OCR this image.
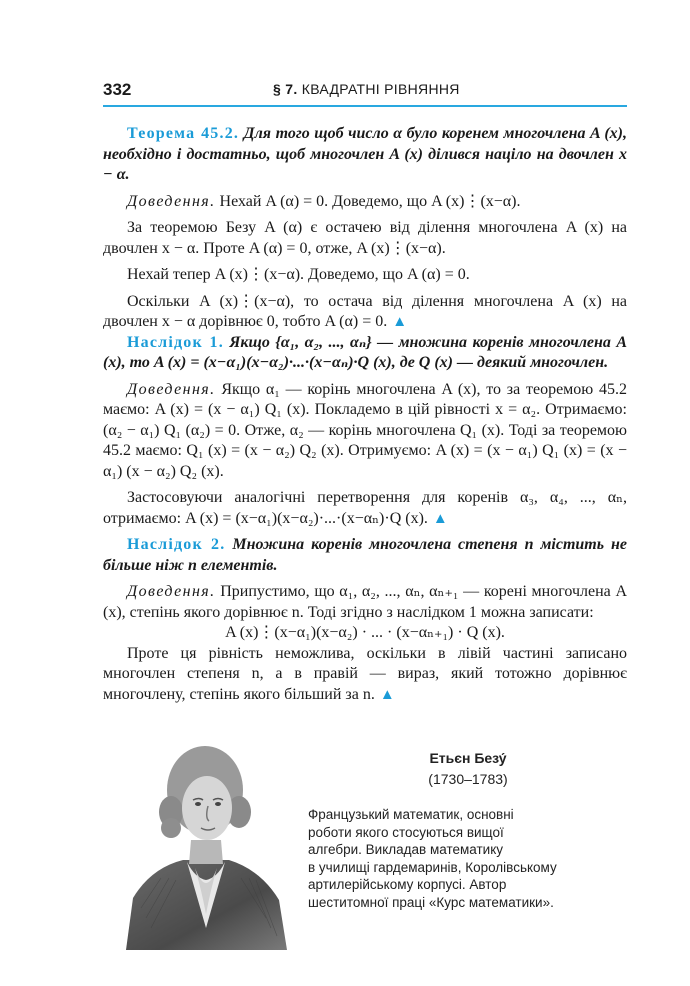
332	§ 7. КВАДРАТНІ РІВНЯННЯ

Теорема 45.2. Для того щоб число α було коренем многочлена A (x), необхідно і достатньо, щоб многочлен A (x) ділився націло на двочлен x − α.

Доведення. Нехай A (α) = 0. Доведемо, що A (x)⋮(x−α).

За теоремою Безу A (α) є остачею від ділення многочлена A (x) на двочлен x − α. Проте A (α) = 0, отже, A (x)⋮(x−α).

Нехай тепер A (x)⋮(x−α). Доведемо, що A (α) = 0.

Оскільки A (x)⋮(x−α), то остача від ділення многочлена A (x) на двочлен x − α дорівнює 0, тобто A (α) = 0. ▲

Наслідок 1. Якщо {α₁, α₂, ..., αₙ} — множина коренів многочлена A (x), то A (x) = (x−α₁)(x−α₂)·...·(x−αₙ)·Q (x), де Q (x) — деякий многочлен.

Доведення. Якщо α₁ — корінь многочлена A (x), то за теоремою 45.2 маємо: A (x) = (x − α₁) Q₁ (x). Покладемо в цій рівності x = α₂. Отримаємо: (α₂ − α₁) Q₁ (α₂) = 0. Отже, α₂ — корінь многочлена Q₁ (x). Тоді за теоремою 45.2 маємо: Q₁ (x) = (x − α₂) Q₂ (x). Отримуємо: A (x) = (x − α₁) Q₁ (x) = (x − α₁) (x − α₂) Q₂ (x).

Застосовуючи аналогічні перетворення для коренів α₃, α₄, ..., αₙ, отримаємо: A (x) = (x−α₁)(x−α₂)·...·(x−αₙ)·Q (x). ▲

Наслідок 2. Множина коренів многочлена степеня n містить не більше ніж n елементів.

Доведення. Припустимо, що α₁, α₂, ..., αₙ, αₙ₊₁ — корені многочлена A (x), степінь якого дорівнює n. Тоді згідно з наслідком 1 можна записати:

A (x)⋮(x−α₁)(x−α₂) · ... · (x−αₙ₊₁) · Q (x).

Проте ця рівність неможлива, оскільки в лівій частині записано многочлен степеня n, а в правій — вираз, який тотожно дорівнює многочлену, степінь якого більший за n. ▲

Етьєн Безу́
(1730–1783)
Французький математик, основні
роботи якого стосуються вищої
алгебри. Викладав математику
в училищі гардемаринів, Королівському
артилерійському корпусі. Автор
шеститомної праці «Курс математики».
